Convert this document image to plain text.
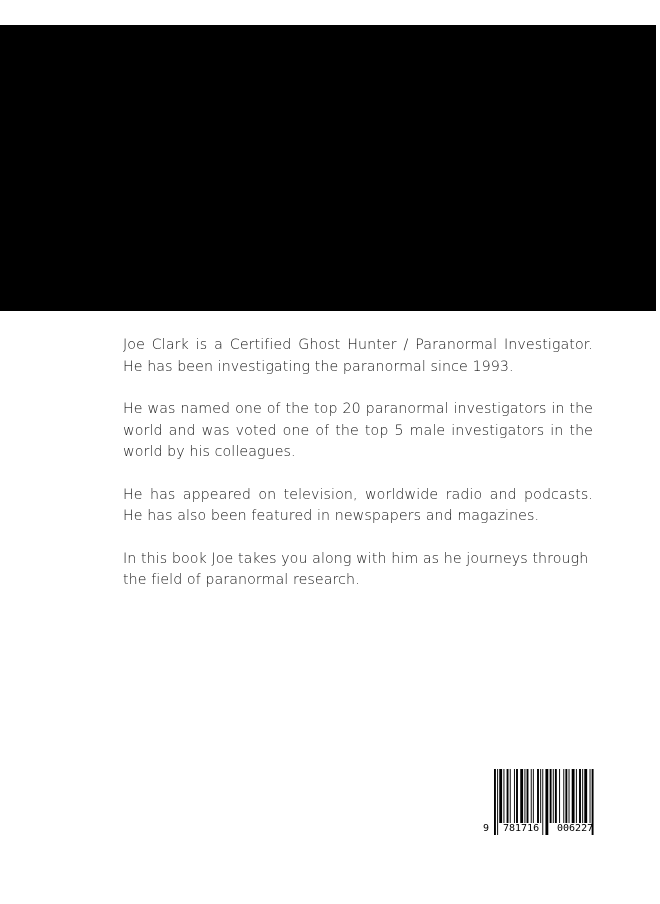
Joe Clark is a Certified Ghost Hunter / Paranormal Investigator. He has been investigating the paranormal since 1993.

He was named one of the top 20 paranormal investigators in the world and was voted one of the top 5 male investigators in the world by his colleagues.

He has appeared on television, worldwide radio and podcasts. He has also been featured in newspapers and magazines.

In this book Joe takes you along with him as he journeys through the field of paranormal research.

9 781716 006227
